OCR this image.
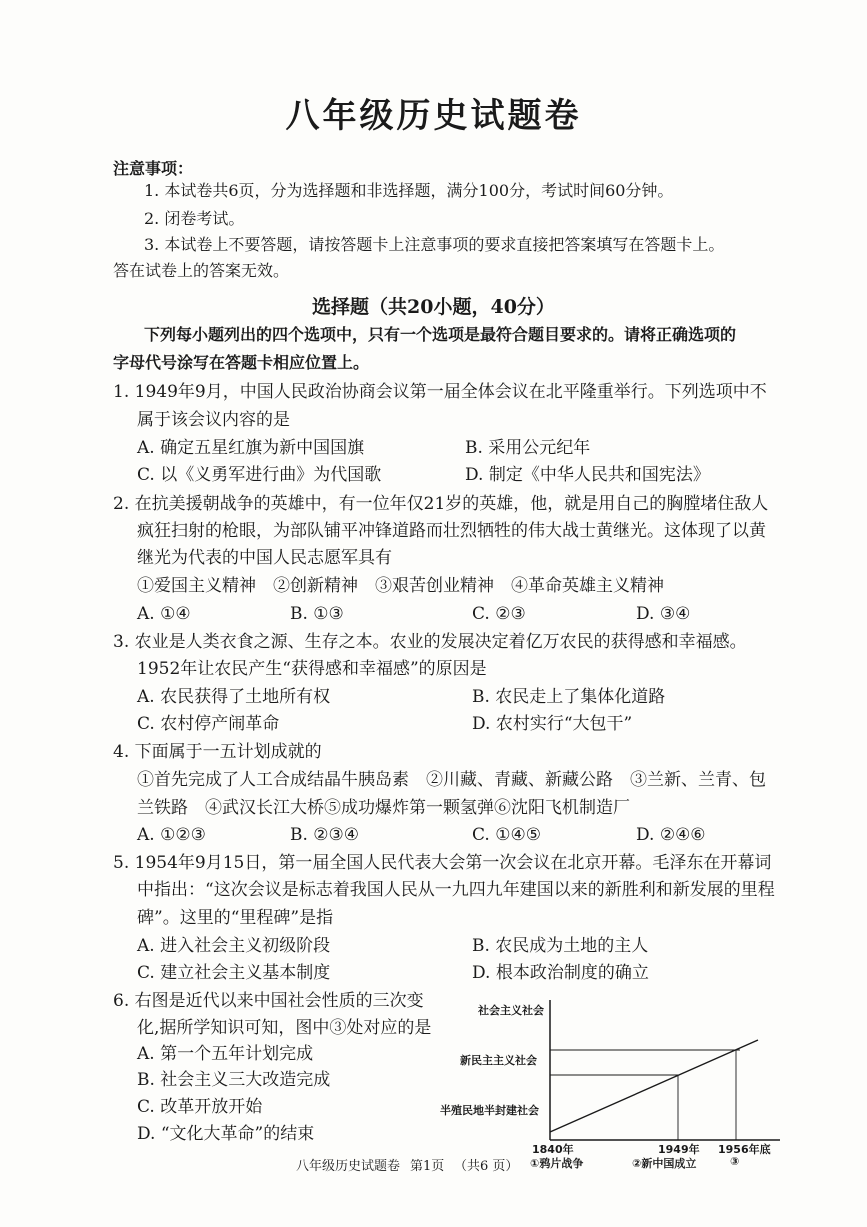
八年级历史试题卷
注意事项：
1. 本试卷共6页，分为选择题和非选择题，满分100分，考试时间60分钟。
2. 闭卷考试。
3. 本试卷上不要答题，请按答题卡上注意事项的要求直接把答案填写在答题卡上。
答在试卷上的答案无效。
选择题（共20小题，40分）
下列每小题列出的四个选项中，只有一个选项是最符合题目要求的。请将正确选项的
字母代号涂写在答题卡相应位置上。
1. 1949年9月，中国人民政治协商会议第一届全体会议在北平隆重举行。下列选项中不
属于该会议内容的是
A. 确定五星红旗为新中国国旗	B. 采用公元纪年
C. 以《义勇军进行曲》为代国歌	D. 制定《中华人民共和国宪法》
2. 在抗美援朝战争的英雄中，有一位年仅21岁的英雄，他，就是用自己的胸膛堵住敌人
疯狂扫射的枪眼，为部队铺平冲锋道路而壮烈牺牲的伟大战士黄继光。这体现了以黄
继光为代表的中国人民志愿军具有
①爱国主义精神　②创新精神　③艰苦创业精神　④革命英雄主义精神
A. ①④	B. ①③	C. ②③	D. ③④
3. 农业是人类衣食之源、生存之本。农业的发展决定着亿万农民的获得感和幸福感。
1952年让农民产生“获得感和幸福感”的原因是
A. 农民获得了土地所有权	B. 农民走上了集体化道路
C. 农村停产闹革命	D. 农村实行“大包干”
4. 下面属于一五计划成就的
①首先完成了人工合成结晶牛胰岛素　②川藏、青藏、新藏公路　③兰新、兰青、包
兰铁路　④武汉长江大桥⑤成功爆炸第一颗氢弹⑥沈阳飞机制造厂
A. ①②③	B. ②③④	C. ①④⑤	D. ②④⑥
5. 1954年9月15日，第一届全国人民代表大会第一次会议在北京开幕。毛泽东在开幕词
中指出：“这次会议是标志着我国人民从一九四九年建国以来的新胜利和新发展的里程
碑”。这里的“里程碑”是指
A. 进入社会主义初级阶段	B. 农民成为土地的主人
C. 建立社会主义基本制度	D. 根本政治制度的确立
6. 右图是近代以来中国社会性质的三次变
化,据所学知识可知，图中③处对应的是
A. 第一个五年计划完成
B. 社会主义三大改造完成
C. 改革开放开始
D. “文化大革命”的结束
社会主义社会
新民主主义社会
半殖民地半封建社会
1840年	1949年 1956年底
八年级历史试题卷 第1页 （共6 页） ①鸦片战争	②新中国成立	③
